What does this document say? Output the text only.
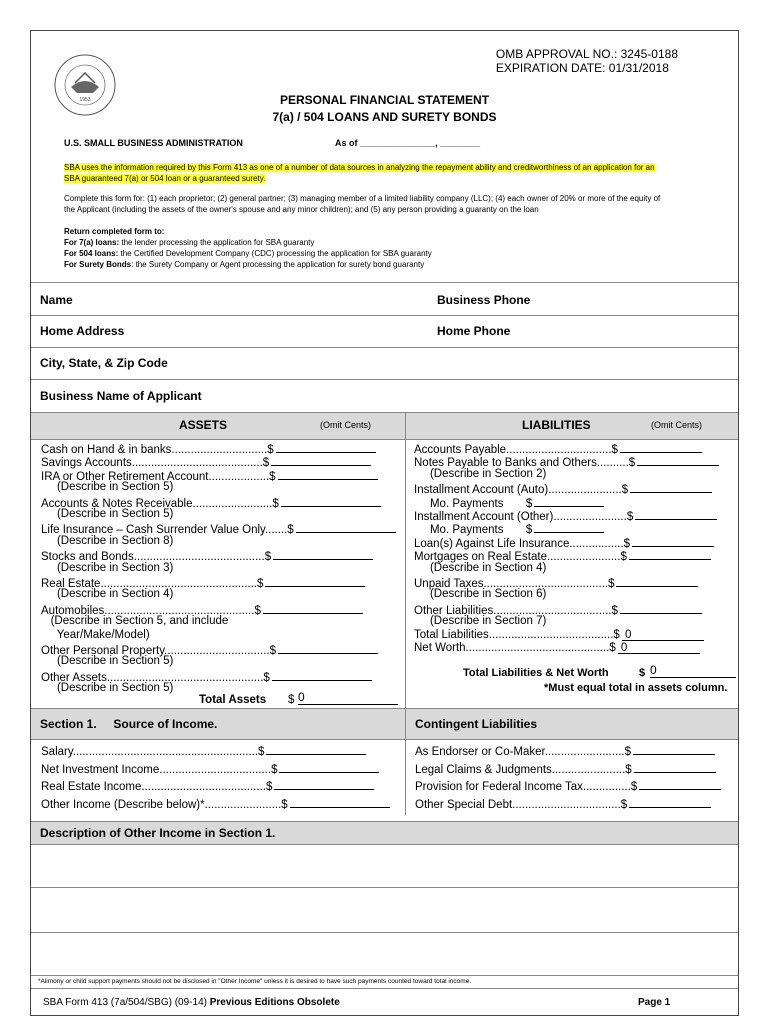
1953
OMB APPROVAL NO.: 3245-0188
EXPIRATION DATE: 01/31/2018
PERSONAL FINANCIAL STATEMENT
7(a) / 504 LOANS AND SURETY BONDS
U.S. SMALL BUSINESS ADMINISTRATION	As of _______________, ________
SBA uses the information required by this Form 413 as one of a number of data sources in analyzing the repayment ability and creditworthiness of an application for an
SBA guaranteed 7(a) or 504 loan or a guaranteed surety.
Complete this form for: (1) each proprietor; (2) general partner; (3) managing member of a limited liability company (LLC); (4) each owner of 20% or more of the equity of
the Applicant (including the assets of the owner's spouse and any minor children); and (5) any person providing a guaranty on the loan
Return completed form to:
For 7(a) loans: the lender processing the application for SBA guaranty
For 504 loans: the Certified Development Company (CDC) processing the application for SBA guaranty
For Surety Bonds: the Surety Company or Agent processing the application for surety bond guaranty
Name	Business Phone
Home Address	Home Phone
City, State, & Zip Code
Business Name of Applicant
ASSETS	(Omit Cents)	LIABILITIES	(Omit Cents)
Cash on Hand & in banks..............................$
Savings Accounts.........................................$
IRA or Other Retirement Account...................$
(Describe in Section 5)
Accounts & Notes Receivable.........................$
(Describe in Section 5)
Life Insurance – Cash Surrender Value Only.......$
(Describe in Section 8)
Stocks and Bonds.........................................$
(Describe in Section 3)
Real Estate.................................................$
(Describe in Section 4)
Automobiles...............................................$
(Describe in Section 5, and include
Year/Make/Model)
Other Personal Property.................................$
(Describe in Section 5)
Other Assets.................................................$
(Describe in Section 5)
Total Assets $ 0
Accounts Payable.................................$
Notes Payable to Banks and Others..........$
(Describe in Section 2)
Installment Account (Auto).......................$
Mo. Payments       $
Installment Account (Other).......................$
Mo. Payments       $
Loan(s) Against Life Insurance.................$
Mortgages on Real Estate.......................$
(Describe in Section 4)
Unpaid Taxes.......................................$
(Describe in Section 6)
Other Liabilities.....................................$
(Describe in Section 7)
Total Liabilities.......................................$ 0
Net Worth.............................................$ 0
Total Liabilities & Net Worth	$ 0
*Must equal total in assets column.
Section 1.     Source of Income.	Contingent Liabilities
Salary..........................................................$
Net Investment Income...................................$
Real Estate Income.......................................$
Other Income (Describe below)*........................$
As Endorser or Co-Maker.........................$
Legal Claims & Judgments.......................$
Provision for Federal Income Tax...............$
Other Special Debt..................................$
Description of Other Income in Section 1.
*Alimony or child support payments should not be disclosed in "Other Income" unless it is desired to have such payments counted toward total income.
SBA Form 413 (7a/504/SBG) (09-14) Previous Editions Obsolete	Page 1
